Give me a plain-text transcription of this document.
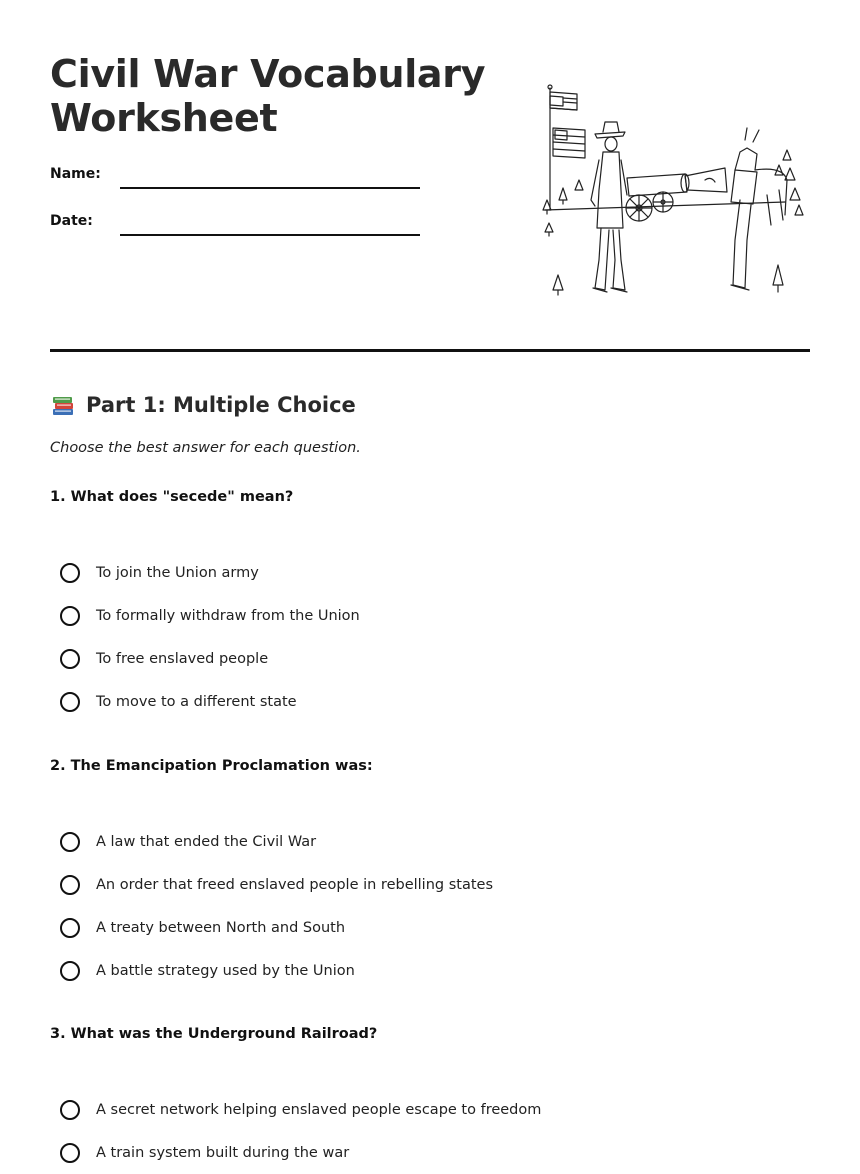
Civil War Vocabulary
Worksheet
Name:
Date:
Part 1: Multiple Choice
Choose the best answer for each question.

1. What does "secede" mean?

To join the Union army
To formally withdraw from the Union
To free enslaved people
To move to a different state

2. The Emancipation Proclamation was:

A law that ended the Civil War
An order that freed enslaved people in rebelling states
A treaty between North and South
A battle strategy used by the Union

3. What was the Underground Railroad?

A secret network helping enslaved people escape to freedom
A train system built during the war
